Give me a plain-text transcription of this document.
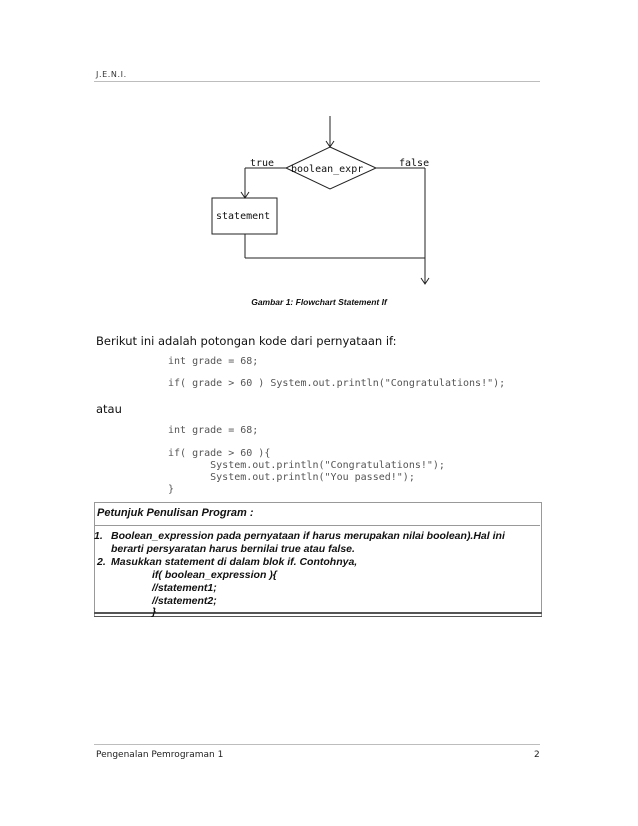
J.E.N.I.
true	false
boolean_expr
statement
Gambar 1: Flowchart Statement If
Berikut ini adalah potongan kode dari pernyataan if:
int grade = 68;
if( grade > 60 ) System.out.println("Congratulations!");
atau
int grade = 68;
if( grade > 60 ){
System.out.println("Congratulations!");
System.out.println("You passed!");
}
Petunjuk Penulisan Program :
1. Boolean_expression pada pernyataan if harus merupakan nilai boolean).Hal ini
berarti persyaratan harus bernilai true atau false.
2. Masukkan statement di dalam blok if. Contohnya,
if( boolean_expression ){
//statement1;
//statement2;
}
Pengenalan Pemrograman 1	2
